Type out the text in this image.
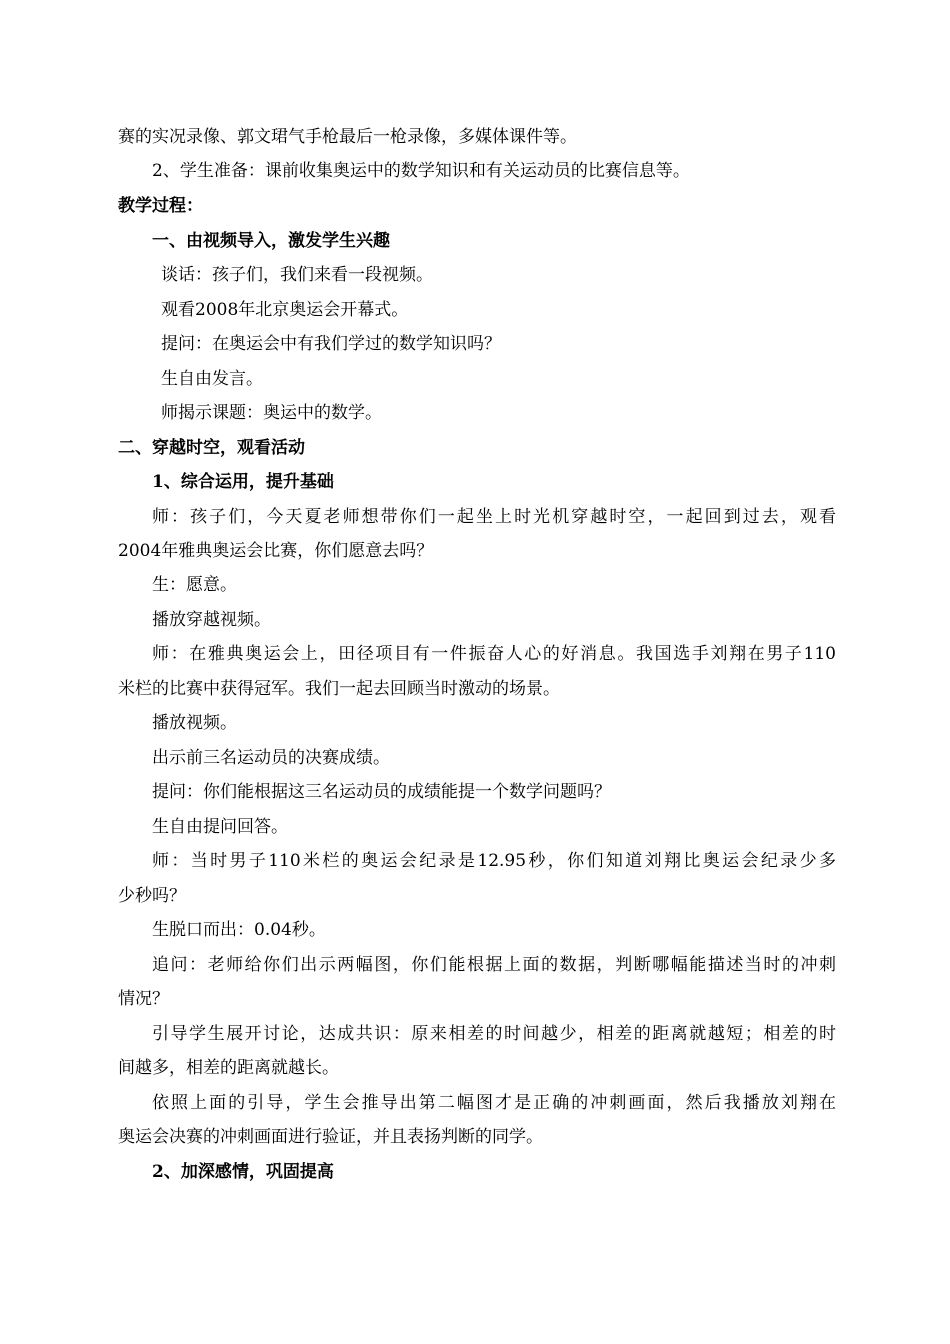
赛的实况录像、郭文珺气手枪最后一枪录像，多媒体课件等。
2、学生准备：课前收集奥运中的数学知识和有关运动员的比赛信息等。
教学过程：
一、由视频导入，激发学生兴趣
谈话：孩子们，我们来看一段视频。
观看2008年北京奥运会开幕式。
提问：在奥运会中有我们学过的数学知识吗？
生自由发言。
师揭示课题：奥运中的数学。
二、穿越时空，观看活动
1、综合运用，提升基础
师：孩子们，今天夏老师想带你们一起坐上时光机穿越时空，一起回到过去，观看
2004年雅典奥运会比赛，你们愿意去吗？
生：愿意。
播放穿越视频。
师：在雅典奥运会上，田径项目有一件振奋人心的好消息。我国选手刘翔在男子110
米栏的比赛中获得冠军。我们一起去回顾当时激动的场景。
播放视频。
出示前三名运动员的决赛成绩。
提问：你们能根据这三名运动员的成绩能提一个数学问题吗？
生自由提问回答。
师：当时男子110米栏的奥运会纪录是12.95秒，你们知道刘翔比奥运会纪录少多
少秒吗？
生脱口而出：0.04秒。
追问：老师给你们出示两幅图，你们能根据上面的数据，判断哪幅能描述当时的冲刺
情况？
引导学生展开讨论，达成共识：原来相差的时间越少，相差的距离就越短；相差的时
间越多，相差的距离就越长。
依照上面的引导，学生会推导出第二幅图才是正确的冲刺画面，然后我播放刘翔在
奥运会决赛的冲刺画面进行验证，并且表扬判断的同学。
2、加深感情，巩固提高
